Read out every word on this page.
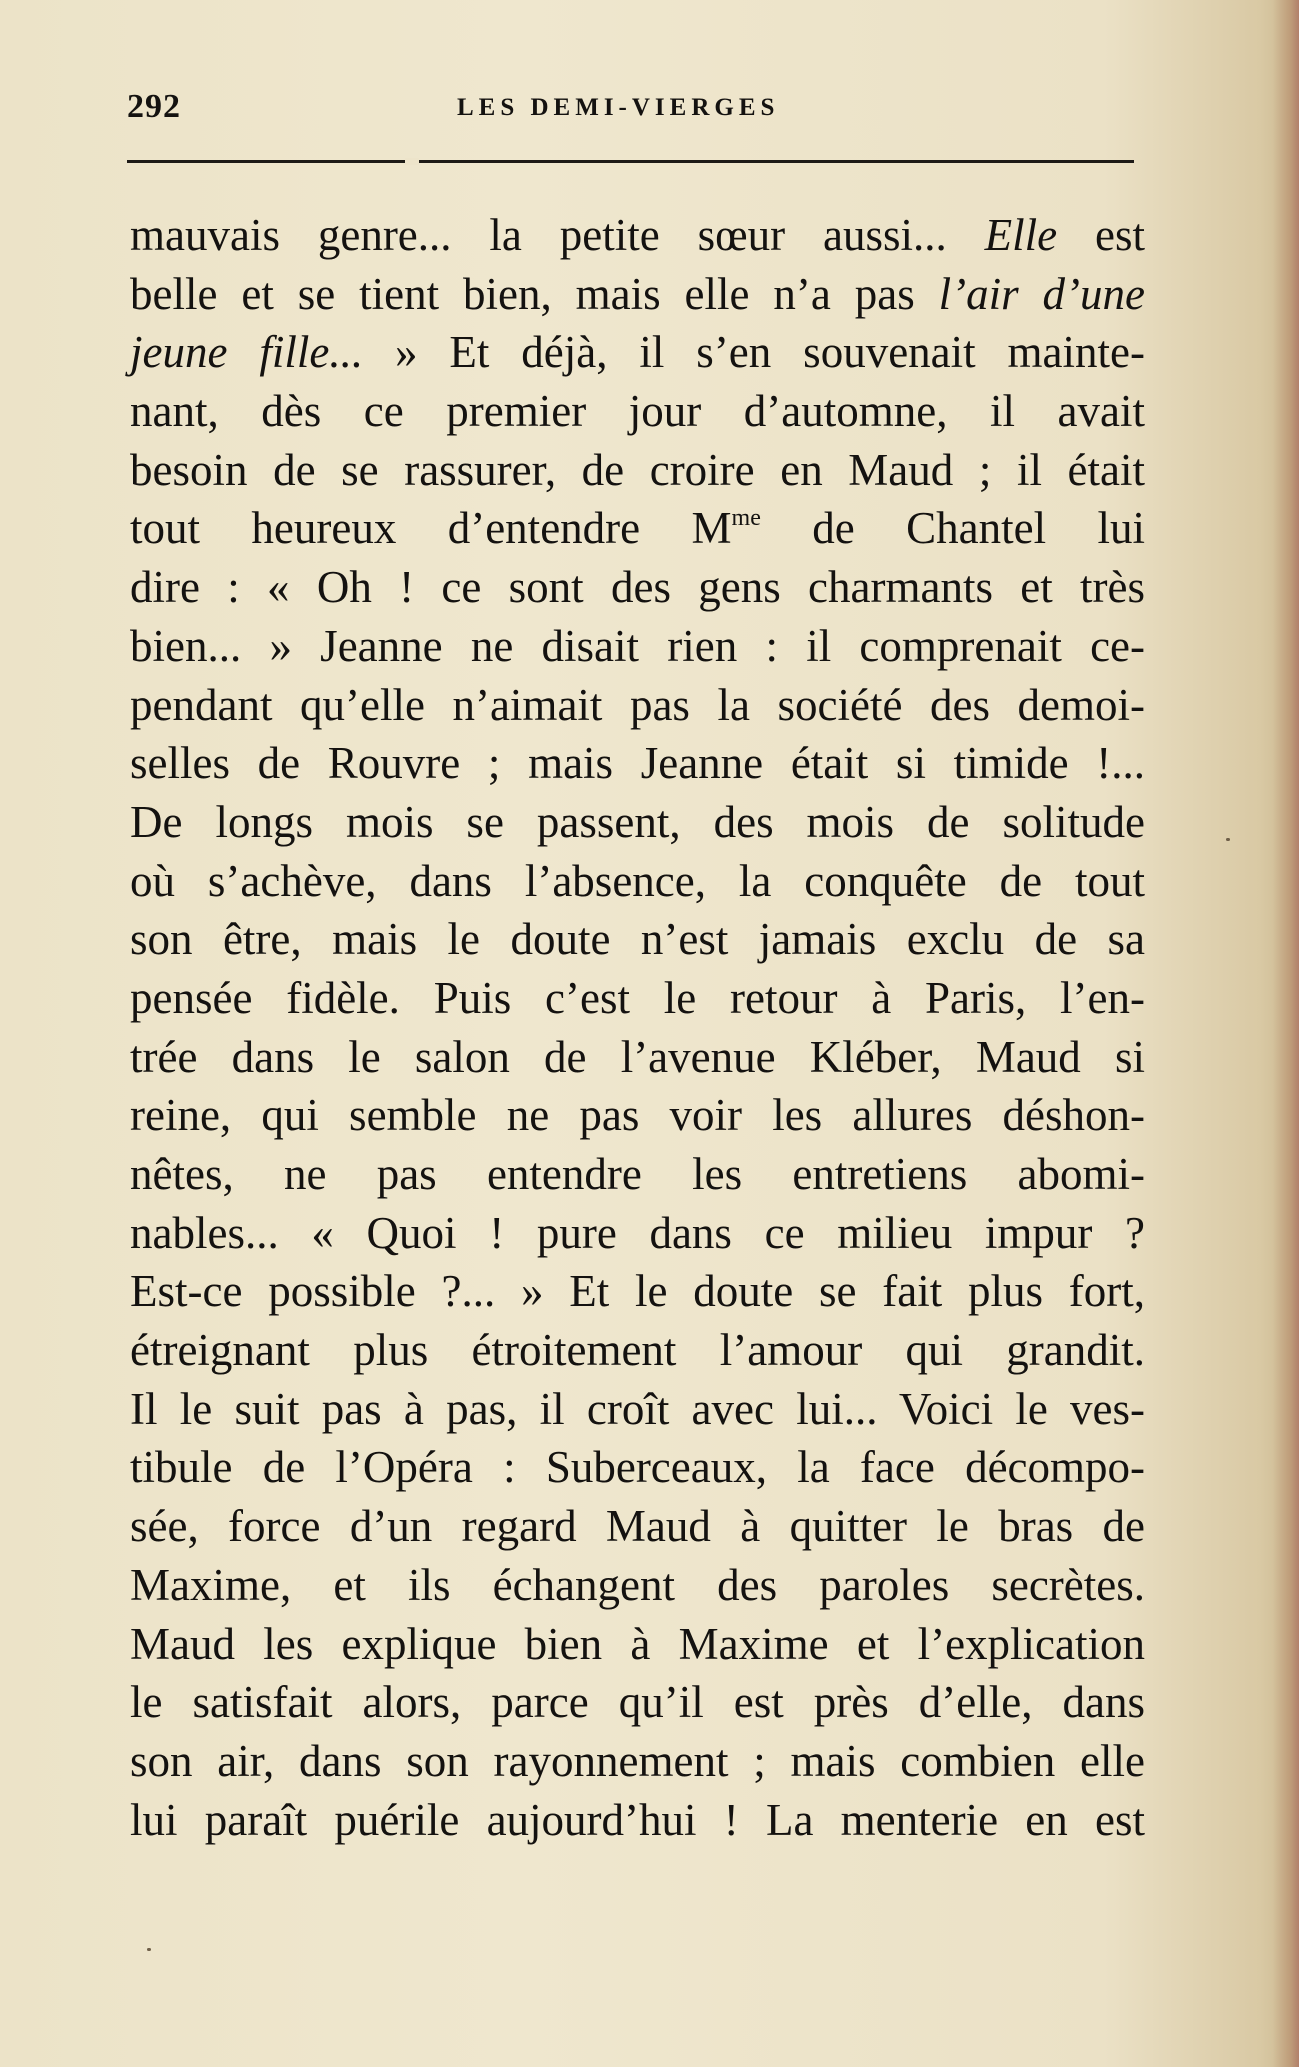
292	LES DEMI-VIERGES
mauvais genre... la petite sœur aussi... Elle est
belle et se tient bien, mais elle n’a pas l’air d’une
jeune fille... » Et déjà, il s’en souvenait mainte-
nant, dès ce premier jour d’automne, il avait
besoin de se rassurer, de croire en Maud ; il était
tout heureux d’entendre $M^{me}$ de Chantel lui
dire : « Oh ! ce sont des gens charmants et très
bien... » Jeanne ne disait rien : il comprenait ce-
pendant qu’elle n’aimait pas la société des demoi-
selles de Rouvre ; mais Jeanne était si timide !...
De longs mois se passent, des mois de solitude
où s’achève, dans l’absence, la conquête de tout
son être, mais le doute n’est jamais exclu de sa
pensée fidèle. Puis c’est le retour à Paris, l’en-
trée dans le salon de l’avenue Kléber, Maud si
reine, qui semble ne pas voir les allures déshon-
nêtes, ne pas entendre les entretiens abomi-
nables... « Quoi ! pure dans ce milieu impur ?
Est-ce possible ?... » Et le doute se fait plus fort,
étreignant plus étroitement l’amour qui grandit.
Il le suit pas à pas, il croît avec lui... Voici le ves-
tibule de l’Opéra : Suberceaux, la face décompo-
sée, force d’un regard Maud à quitter le bras de
Maxime, et ils échangent des paroles secrètes.
Maud les explique bien à Maxime et l’explication
le satisfait alors, parce qu’il est près d’elle, dans
son air, dans son rayonnement ; mais combien elle
lui paraît puérile aujourd’hui ! La menterie en est
